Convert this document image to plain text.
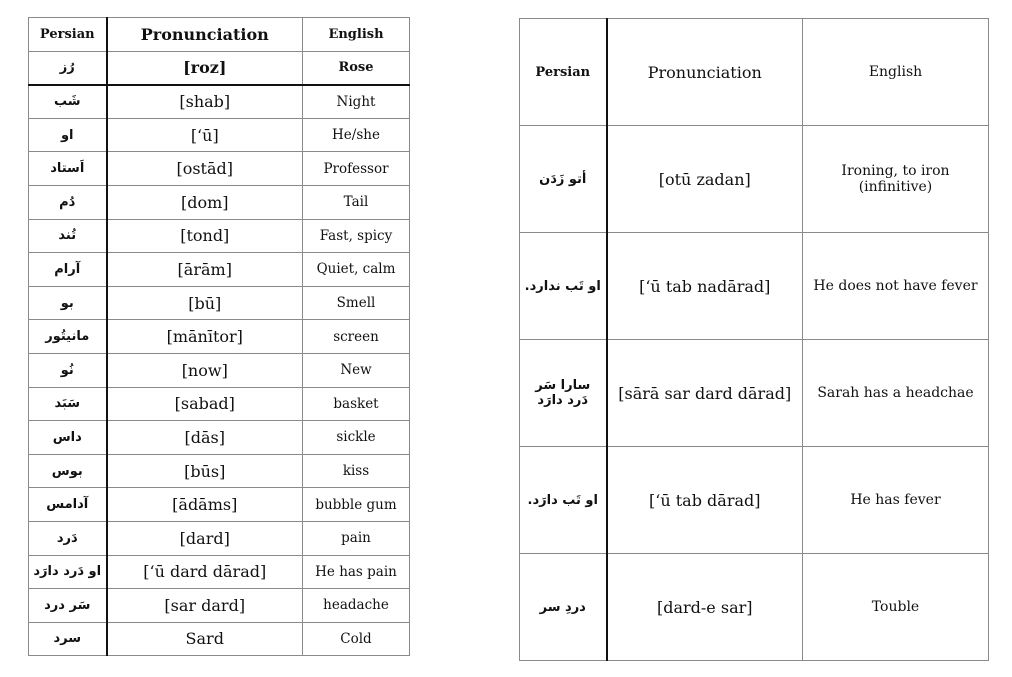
Persian	Pronunciation	English
رُز	[roz]	Rose
شَب	[shab]	Night
او	[‘ū]	He/she
اَستاد	[ostād]	Professor
دُم	[dom]	Tail
تُند	[tond]	Fast, spicy
آرام	[ārām]	Quiet, calm
بو	[bū]	Smell
مانیتُور	[mānītor]	screen
نُو	[now]	New
سَبَد	[sabad]	basket
داس	[dās]	sickle
بوس	[būs]	kiss
آدامس	[ādāms]	bubble gum
دَرد	[dard]	pain
او دَرد دارَد	[‘ū dard dārad]	He has pain
سَر درد	[sar dard]	headache
سرد	Sard	Cold
Persian	Pronunciation	English
أتو زَدَن	[otū zadan]	Ironing, to iron (infinitive)
او تَب ندارد.	[‘ū tab nadārad]	He does not have fever
سارا سَر دَرد دارَد	[sārā sar dard dārad]	Sarah has a headchae
او تَب دارَد.	[‘ū tab dārad]	He has fever
دردِ سر	[dard-e sar]	Touble
